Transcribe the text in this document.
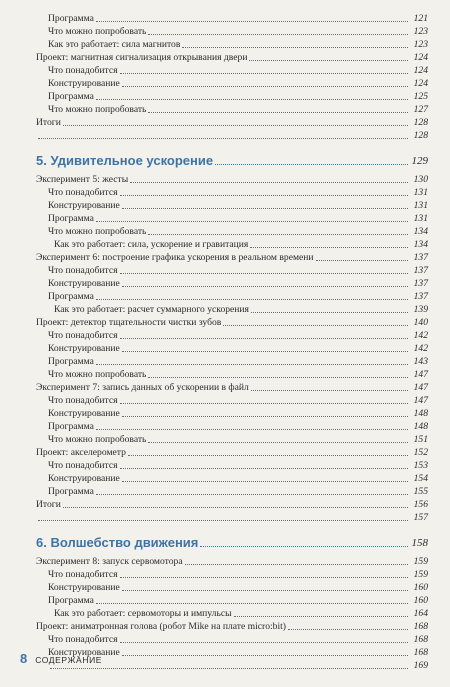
Программа	121
Что можно попробовать	123
Как это работает: сила магнитов	123
Проект: магнитная сигнализация открывания двери	124
Что понадобится	124
Конструирование	124
Программа	125
Что можно попробовать	127
Итоги	128
128
5. Удивительное ускорение	129
Эксперимент 5: жесты	130
Что понадобится	131
Конструирование	131
Программа	131
Что можно попробовать	134
Как это работает: сила, ускорение и гравитация	134
Эксперимент 6: построение графика ускорения в реальном времени	137
Что понадобится	137
Конструирование	137
Программа	137
Как это работает: расчет суммарного ускорения	139
Проект: детектор тщательности чистки зубов	140
Что понадобится	142
Конструирование	142
Программа	143
Что можно попробовать	147
Эксперимент 7: запись данных об ускорении в файл	147
Что понадобится	147
Конструирование	148
Программа	148
Что можно попробовать	151
Проект: акселерометр	152
Что понадобится	153
Конструирование	154
Программа	155
Итоги	156
157
6. Волшебство движения	158
Эксперимент 8: запуск сервомотора	159
Что понадобится	159
Конструирование	160
Программа	160
Как это работает: сервомоторы и импульсы	164
Проект: аниматронная голова (робот Mike на плате micro:bit)	168
Что понадобится	168
Конструирование	168
169
8 СОДЕРЖАНИЕ
